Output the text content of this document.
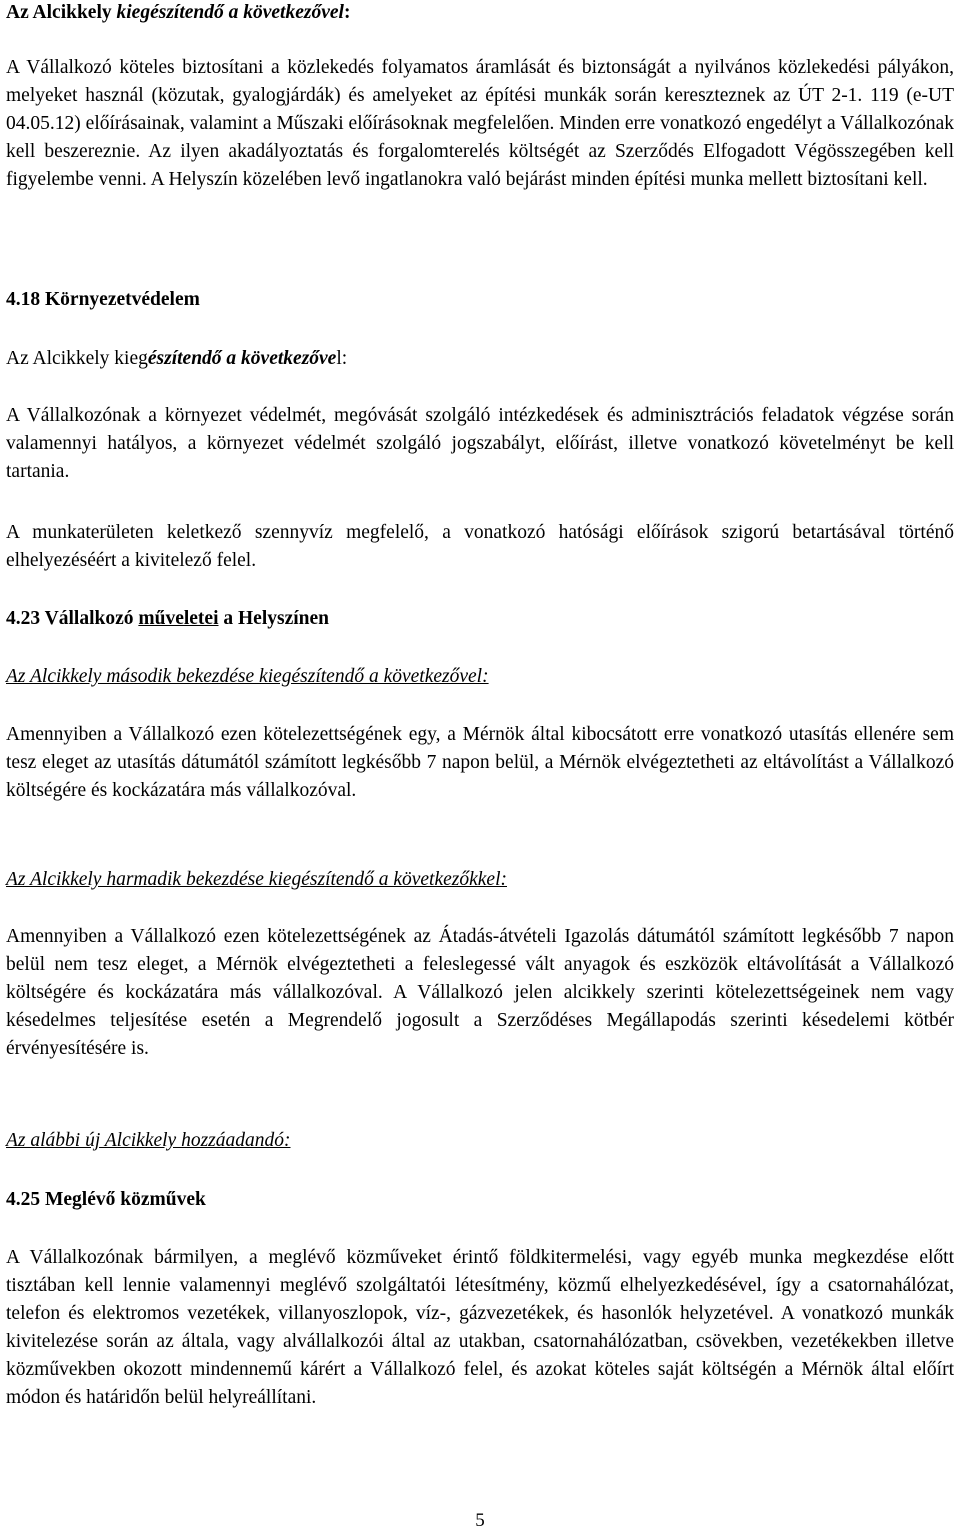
Az Alcikkely kiegészítendő a következővel:

A Vállalkozó köteles biztosítani a közlekedés folyamatos áramlását és biztonságát a nyilvános közlekedési pályákon, melyeket használ (közutak, gyalogjárdák) és amelyeket az építési munkák során kereszteznek az ÚT 2-1. 119 (e-UT 04.05.12) előírásainak, valamint a Műszaki előírásoknak megfelelően. Minden erre vonatkozó engedélyt a Vállalkozónak kell beszereznie. Az ilyen akadályoztatás és forgalomterelés költségét az Szerződés Elfogadott Végösszegében kell figyelembe venni. A Helyszín közelében levő ingatlanokra való bejárást minden építési munka mellett biztosítani kell.

4.18 Környezetvédelem

Az Alcikkely kiegészítendő a következővel:

A Vállalkozónak a környezet védelmét, megóvását szolgáló intézkedések és adminisztrációs feladatok végzése során valamennyi hatályos, a környezet védelmét szolgáló jogszabályt, előírást, illetve vonatkozó követelményt be kell tartania.

A munkaterületen keletkező szennyvíz megfelelő, a vonatkozó hatósági előírások szigorú betartásával történő elhelyezéséért a kivitelező felel.

4.23 Vállalkozó műveletei a Helyszínen

Az Alcikkely második bekezdése kiegészítendő a következővel:

Amennyiben a Vállalkozó ezen kötelezettségének egy, a Mérnök által kibocsátott erre vonatkozó utasítás ellenére sem tesz eleget az utasítás dátumától számított legkésőbb 7 napon belül, a Mérnök elvégeztetheti az eltávolítást a Vállalkozó költségére és kockázatára más vállalkozóval.

Az Alcikkely harmadik bekezdése kiegészítendő a következőkkel:

Amennyiben a Vállalkozó ezen kötelezettségének az Átadás-átvételi Igazolás dátumától számított legkésőbb 7 napon belül nem tesz eleget, a Mérnök elvégeztetheti a feleslegessé vált anyagok és eszközök eltávolítását a Vállalkozó költségére és kockázatára más vállalkozóval. A Vállalkozó jelen alcikkely szerinti kötelezettségeinek nem vagy késedelmes teljesítése esetén a Megrendelő jogosult a Szerződéses Megállapodás szerinti késedelemi kötbér érvényesítésére is.

Az alábbi új Alcikkely hozzáadandó:

4.25 Meglévő közművek

A Vállalkozónak bármilyen, a meglévő közműveket érintő földkitermelési, vagy egyéb munka megkezdése előtt tisztában kell lennie valamennyi meglévő szolgáltatói létesítmény, közmű elhelyezkedésével, így a csatornahálózat, telefon és elektromos vezetékek, villanyoszlopok, víz-, gázvezetékek, és hasonlók helyzetével. A vonatkozó munkák kivitelezése során az általa, vagy alvállalkozói által az utakban, csatornahálózatban, csövekben, vezetékekben illetve közművekben okozott mindennemű kárért a Vállalkozó felel, és azokat köteles saját költségén a Mérnök által előírt módon és határidőn belül helyreállítani.

5
